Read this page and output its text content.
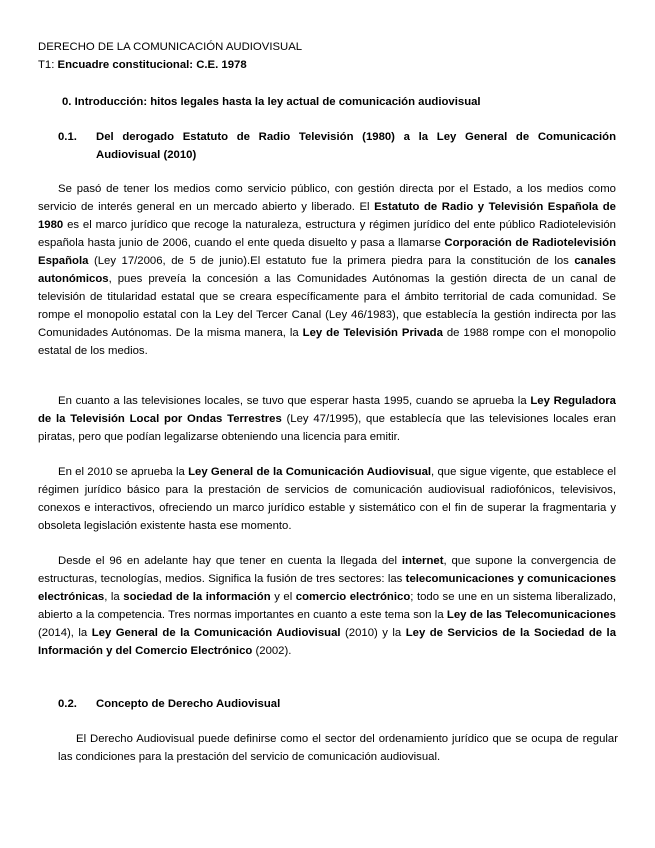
DERECHO DE LA COMUNICACIÓN AUDIOVISUAL
T1: Encuadre constitucional: C.E. 1978
0. Introducción: hitos legales hasta la ley actual de comunicación audiovisual
0.1. Del derogado Estatuto de Radio Televisión (1980) a la Ley General de Comunicación Audiovisual (2010)
Se pasó de tener los medios como servicio público, con gestión directa por el Estado, a los medios como servicio de interés general en un mercado abierto y liberado. El Estatuto de Radio y Televisión Española de 1980 es el marco jurídico que recoge la naturaleza, estructura y régimen jurídico del ente público Radiotelevisión española hasta junio de 2006, cuando el ente queda disuelto y pasa a llamarse Corporación de Radiotelevisión Española (Ley 17/2006, de 5 de junio).El estatuto fue la primera piedra para la constitución de los canales autonómicos, pues preveía la concesión a las Comunidades Autónomas la gestión directa de un canal de televisión de titularidad estatal que se creara específicamente para el ámbito territorial de cada comunidad. Se rompe el monopolio estatal con la Ley del Tercer Canal (Ley 46/1983), que establecía la gestión indirecta por las Comunidades Autónomas. De la misma manera, la Ley de Televisión Privada de 1988 rompe con el monopolio estatal de los medios.
En cuanto a las televisiones locales, se tuvo que esperar hasta 1995, cuando se aprueba la Ley Reguladora de la Televisión Local por Ondas Terrestres (Ley 47/1995), que establecía que las televisiones locales eran piratas, pero que podían legalizarse obteniendo una licencia para emitir.
En el 2010 se aprueba la Ley General de la Comunicación Audiovisual, que sigue vigente, que establece el régimen jurídico básico para la prestación de servicios de comunicación audiovisual radiofónicos, televisivos, conexos e interactivos, ofreciendo un marco jurídico estable y sistemático con el fin de superar la fragmentaria y obsoleta legislación existente hasta ese momento.
Desde el 96 en adelante hay que tener en cuenta la llegada del internet, que supone la convergencia de estructuras, tecnologías, medios. Significa la fusión de tres sectores: las telecomunicaciones y comunicaciones electrónicas, la sociedad de la información y el comercio electrónico; todo se une en un sistema liberalizado, abierto a la competencia. Tres normas importantes en cuanto a este tema son la Ley de las Telecomunicaciones (2014), la Ley General de la Comunicación Audiovisual (2010) y la Ley de Servicios de la Sociedad de la Información y del Comercio Electrónico (2002).
0.2. Concepto de Derecho Audiovisual
El Derecho Audiovisual puede definirse como el sector del ordenamiento jurídico que se ocupa de regular las condiciones para la prestación del servicio de comunicación audiovisual.
